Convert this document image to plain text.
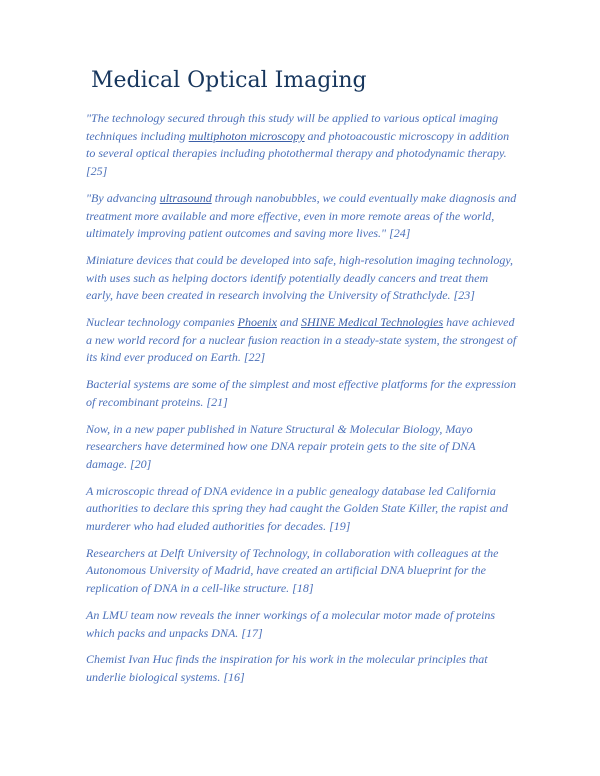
Medical Optical Imaging

"The technology secured through this study will be applied to various optical imaging techniques including multiphoton microscopy and photoacoustic microscopy in addition to several optical therapies including photothermal therapy and photodynamic therapy. [25]

"By advancing ultrasound through nanobubbles, we could eventually make diagnosis and treatment more available and more effective, even in more remote areas of the world, ultimately improving patient outcomes and saving more lives." [24]

Miniature devices that could be developed into safe, high-resolution imaging technology, with uses such as helping doctors identify potentially deadly cancers and treat them early, have been created in research involving the University of Strathclyde. [23]

Nuclear technology companies Phoenix and SHINE Medical Technologies have achieved a new world record for a nuclear fusion reaction in a steady-state system, the strongest of its kind ever produced on Earth. [22]

Bacterial systems are some of the simplest and most effective platforms for the expression of recombinant proteins. [21]

Now, in a new paper published in Nature Structural & Molecular Biology, Mayo researchers have determined how one DNA repair protein gets to the site of DNA damage. [20]

A microscopic thread of DNA evidence in a public genealogy database led California authorities to declare this spring they had caught the Golden State Killer, the rapist and murderer who had eluded authorities for decades. [19]

Researchers at Delft University of Technology, in collaboration with colleagues at the Autonomous University of Madrid, have created an artificial DNA blueprint for the replication of DNA in a cell-like structure. [18]

An LMU team now reveals the inner workings of a molecular motor made of proteins which packs and unpacks DNA. [17]

Chemist Ivan Huc finds the inspiration for his work in the molecular principles that underlie biological systems. [16]
